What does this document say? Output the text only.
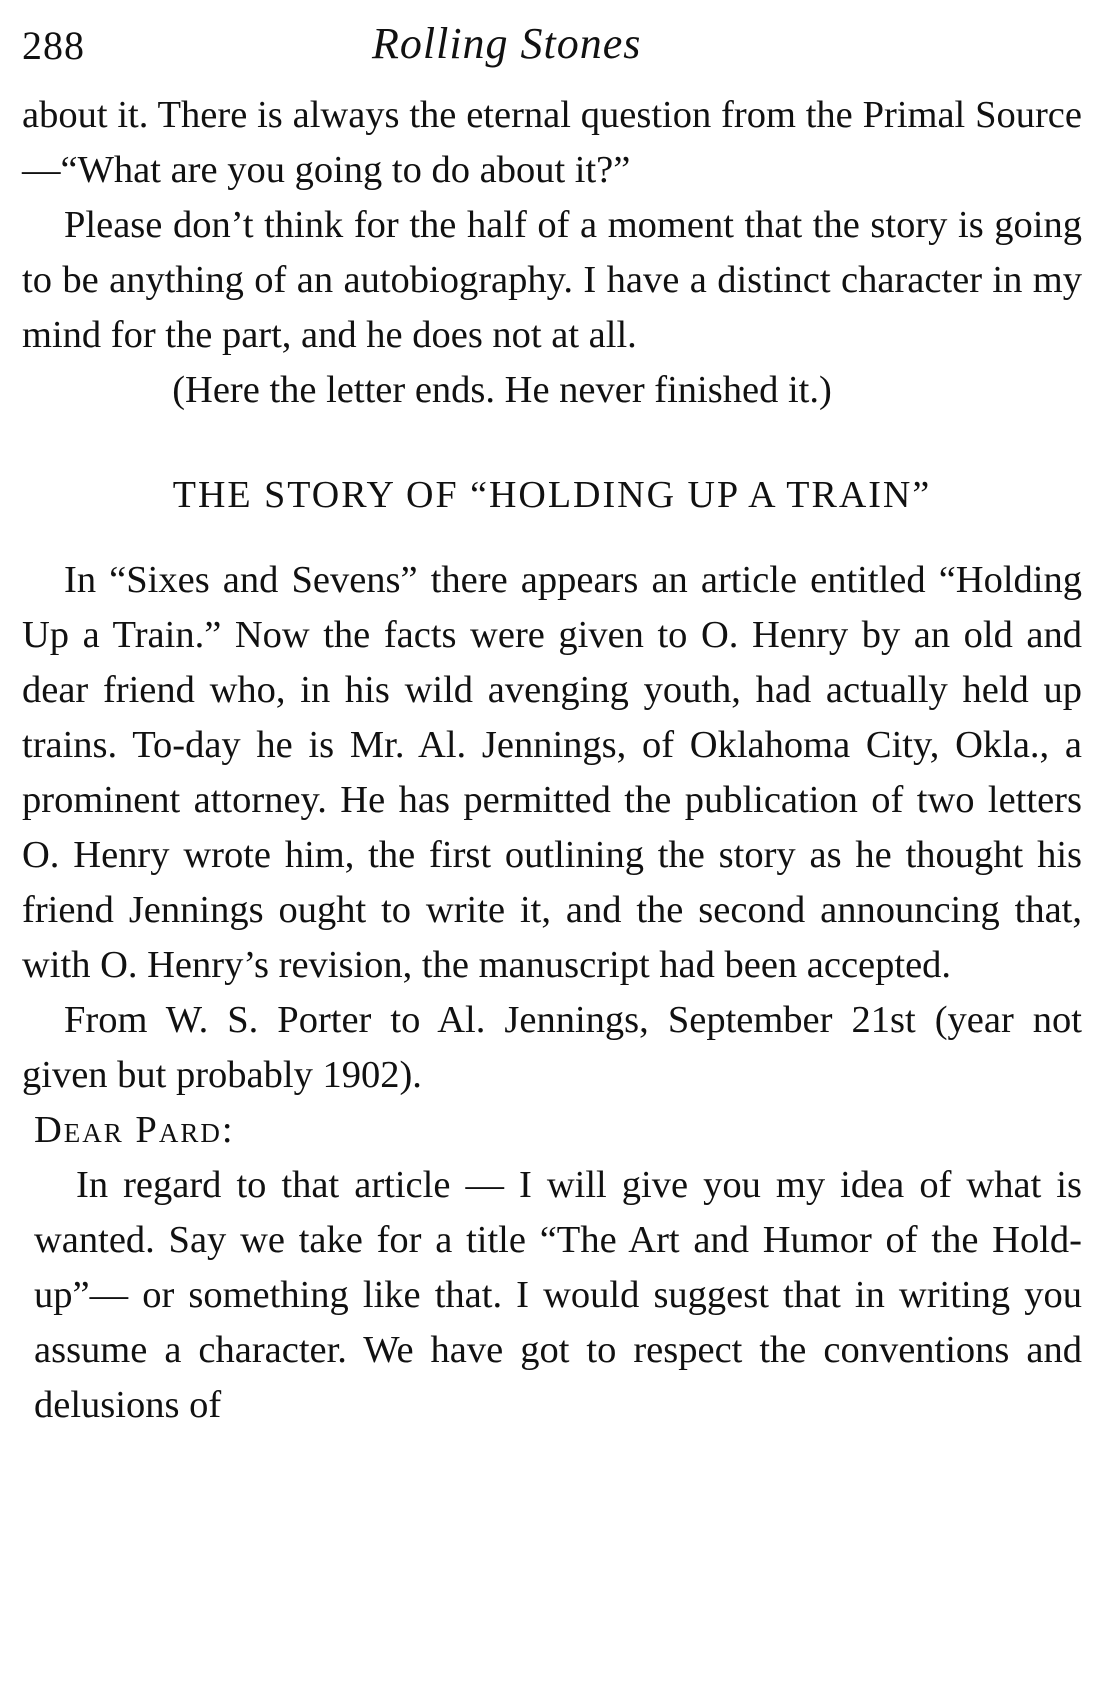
288	Rolling Stones

about it. There is always the eternal question from the Primal Source —“What are you going to do about it?”

Please don’t think for the half of a moment that the story is going to be anything of an autobiography. I have a distinct character in my mind for the part, and he does not at all.

(Here the letter ends. He never finished it.)

THE STORY OF “HOLDING UP A TRAIN”

In “Sixes and Sevens” there appears an article entitled “Holding Up a Train.” Now the facts were given to O. Henry by an old and dear friend who, in his wild avenging youth, had actually held up trains. To-day he is Mr. Al. Jennings, of Oklahoma City, Okla., a prominent attorney. He has permitted the publication of two letters O. Henry wrote him, the first outlining the story as he thought his friend Jennings ought to write it, and the second announcing that, with O. Henry’s revision, the manuscript had been accepted.

From W. S. Porter to Al. Jennings, September 21st (year not given but probably 1902).

Dear Pard:

In regard to that article — I will give you my idea of what is wanted. Say we take for a title “The Art and Humor of the Hold-up”— or something like that. I would suggest that in writing you assume a character. We have got to respect the conventions and delusions of
